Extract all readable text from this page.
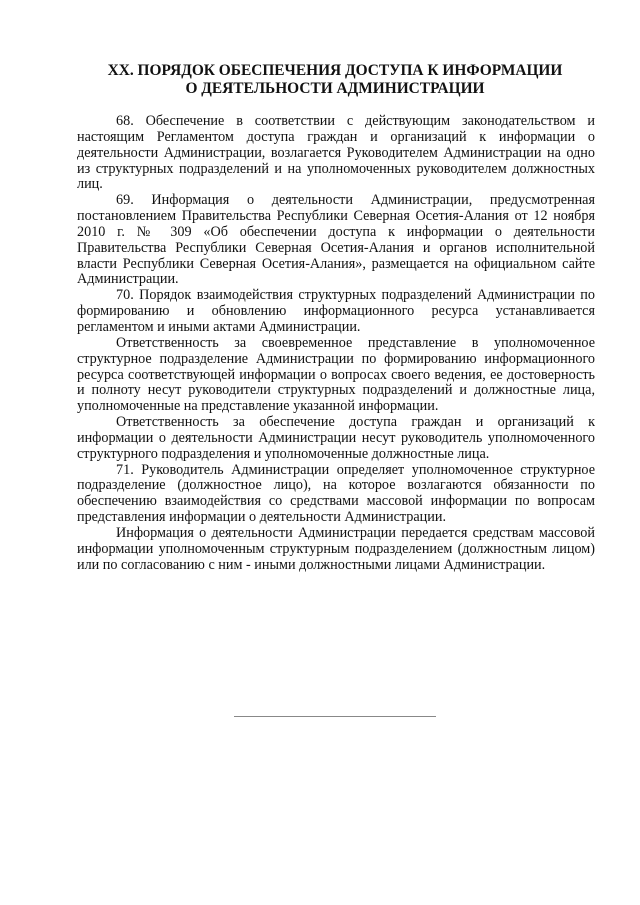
XX. ПОРЯДОК ОБЕСПЕЧЕНИЯ ДОСТУПА К ИНФОРМАЦИИ
О ДЕЯТЕЛЬНОСТИ АДМИНИСТРАЦИИ

68. Обеспечение в соответствии с действующим законодательством и настоящим Регламентом доступа граждан и организаций к информации о деятельности Администрации, возлагается Руководителем Администрации на одно из структурных подразделений и на уполномоченных руководителем должностных лиц.

69. Информация о деятельности Администрации, предусмотренная постановлением Правительства Республики Северная Осетия-Алания от 12 ноября 2010 г. № 309 «Об обеспечении доступа к информации о деятельности Правительства Республики Северная Осетия-Алания и органов исполнительной власти Республики Северная Осетия-Алания», размещается на официальном сайте Администрации.

70. Порядок взаимодействия структурных подразделений Администрации по формированию и обновлению информационного ресурса устанавливается регламентом и иными актами Администрации.

Ответственность за своевременное представление в уполномоченное структурное подразделение Администрации по формированию информационного ресурса соответствующей информации о вопросах своего ведения, ее достоверность и полноту несут руководители структурных подразделений и должностные лица, уполномоченные на представление указанной информации.

Ответственность за обеспечение доступа граждан и организаций к информации о деятельности Администрации несут руководитель уполномоченного структурного подразделения и уполномоченные должностные лица.

71. Руководитель Администрации определяет уполномоченное структурное подразделение (должностное лицо), на которое возлагаются обязанности по обеспечению взаимодействия со средствами массовой информации по вопросам представления информации о деятельности Администрации.

Информация о деятельности Администрации передается средствам массовой информации уполномоченным структурным подразделением (должностным лицом) или по согласованию с ним - иными должностными лицами Администрации.
